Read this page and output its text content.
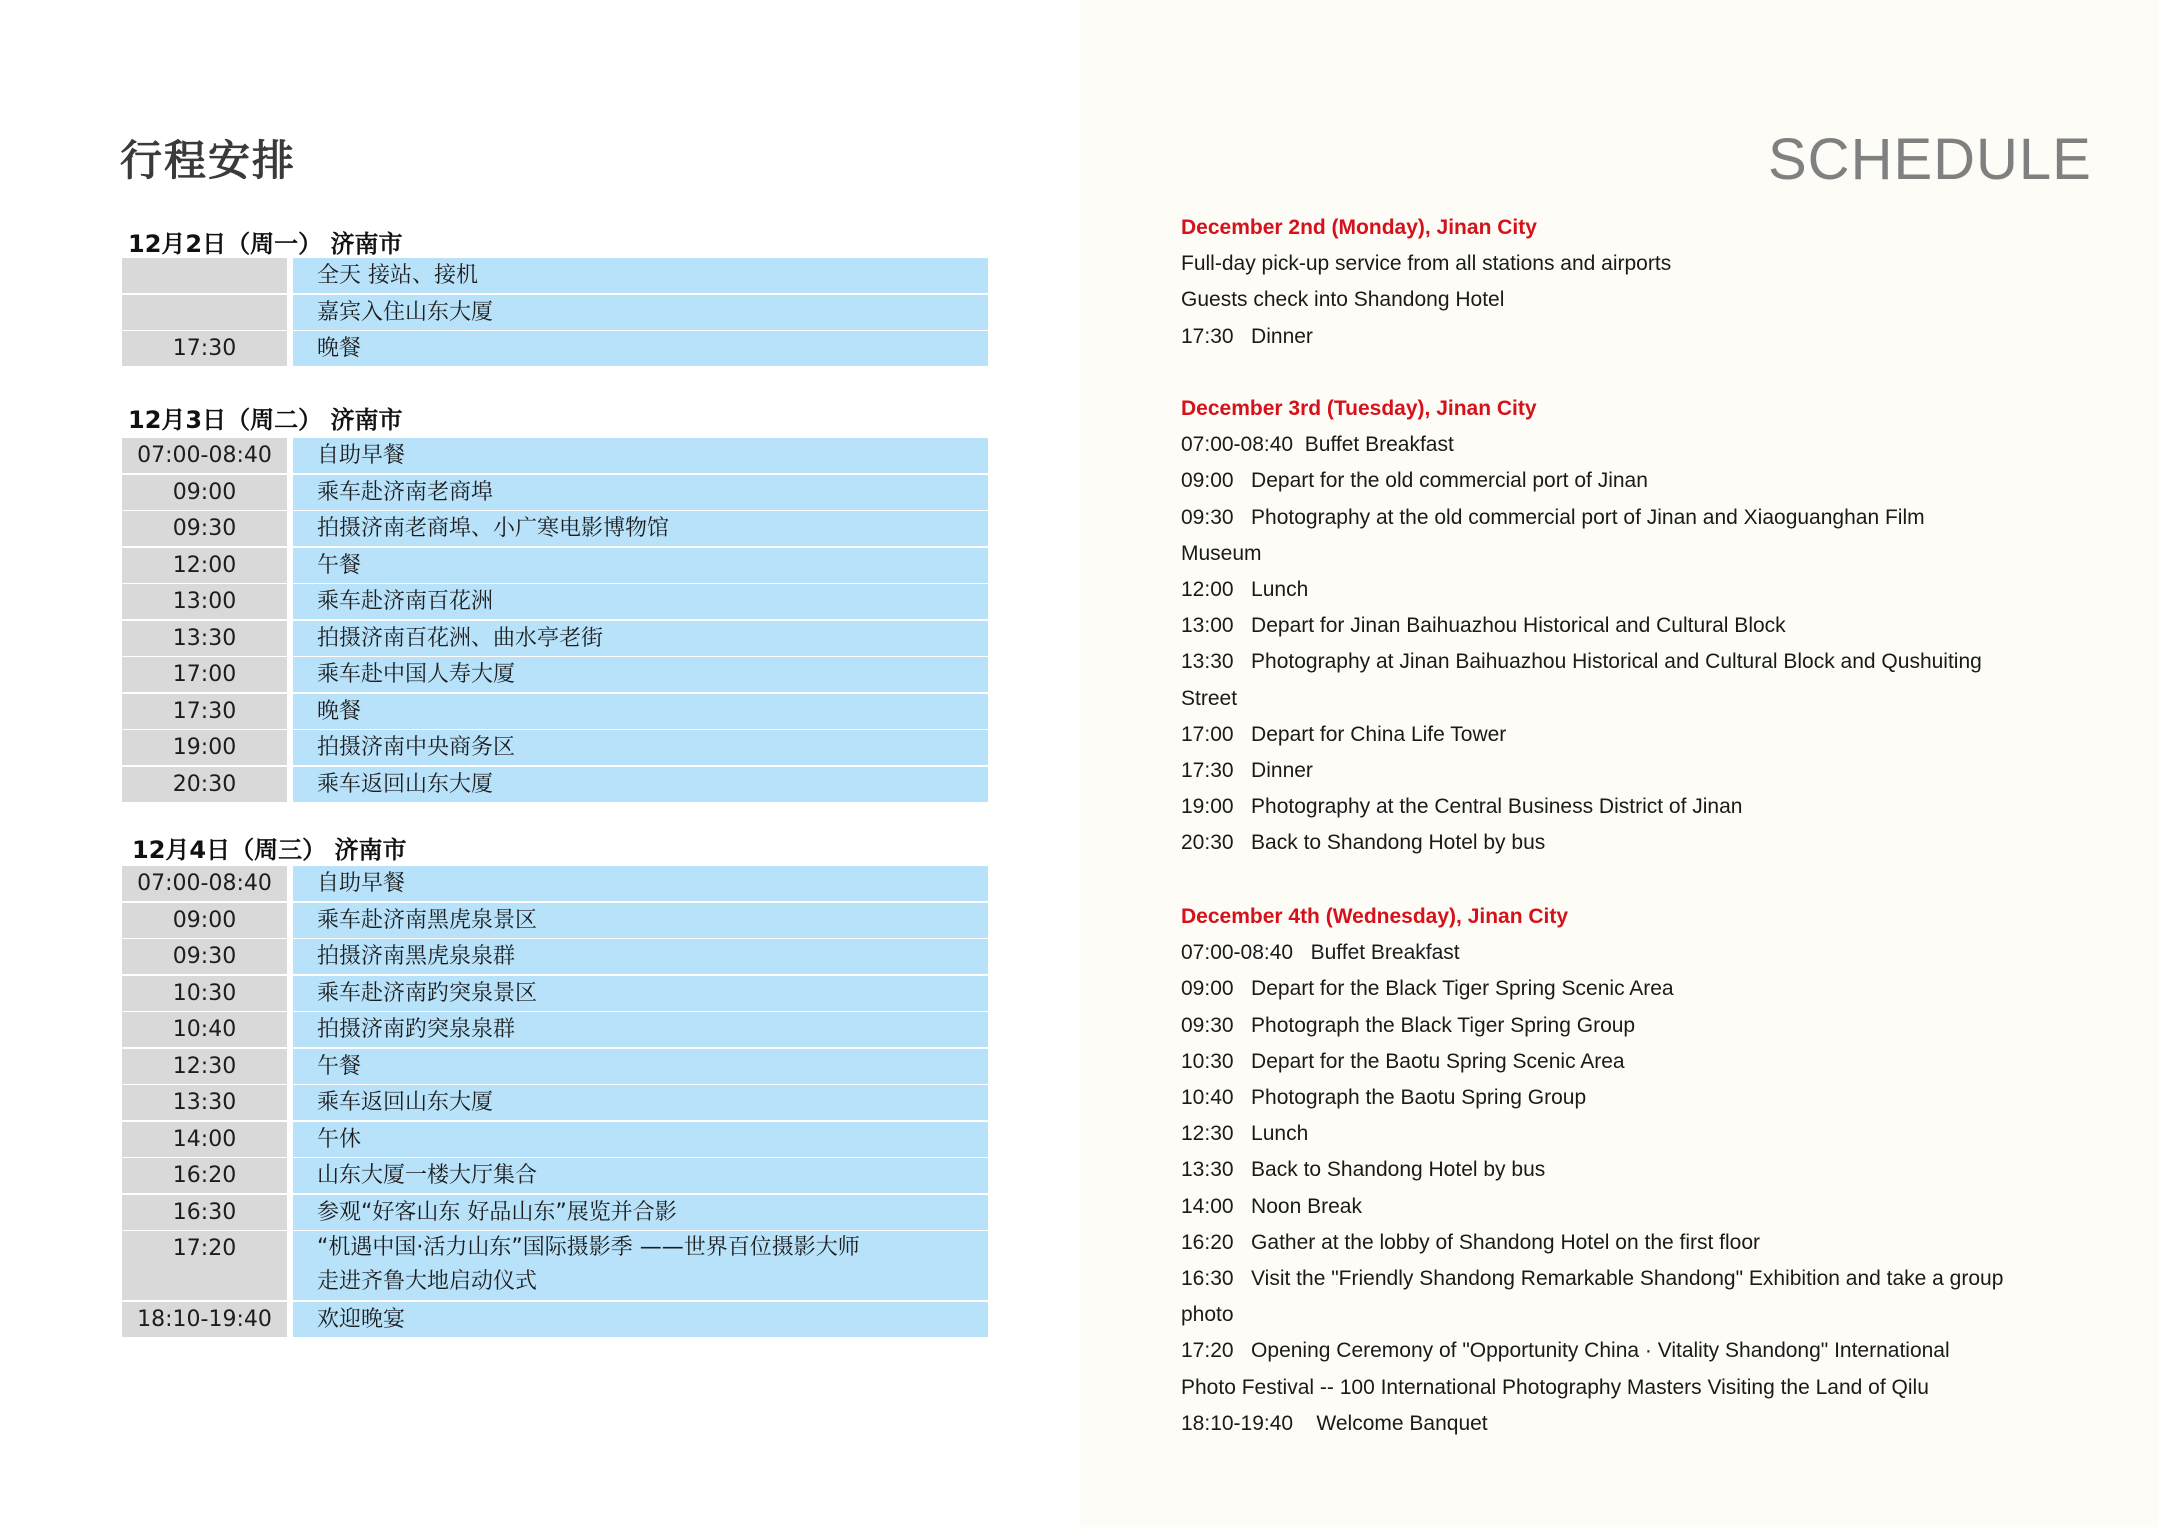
行程安排	SCHEDULE
12月2日（周一） 济南市
全天 接站、接机
嘉宾入住山东大厦
17:30	晚餐
12月3日（周二） 济南市
07:00-08:40	自助早餐
09:00	乘车赴济南老商埠
09:30	拍摄济南老商埠、小广寒电影博物馆
12:00	午餐
13:00	乘车赴济南百花洲
13:30	拍摄济南百花洲、曲水亭老街
17:00	乘车赴中国人寿大厦
17:30	晚餐
19:00	拍摄济南中央商务区
20:30	乘车返回山东大厦
12月4日（周三） 济南市
07:00-08:40	自助早餐
09:00	乘车赴济南黑虎泉景区
09:30	拍摄济南黑虎泉泉群
10:30	乘车赴济南趵突泉景区
10:40	拍摄济南趵突泉泉群
12:30	午餐
13:30	乘车返回山东大厦
14:00	午休
16:20	山东大厦一楼大厅集合
16:30	参观“好客山东 好品山东”展览并合影
17:20	“机遇中国·活力山东”国际摄影季 ——世界百位摄影大师
走进齐鲁大地启动仪式
18:10-19:40	欢迎晚宴
December 2nd (Monday), Jinan City
Full-day pick-up service from all stations and airports
Guests check into Shandong Hotel
17:30   Dinner
December 3rd (Tuesday), Jinan City
07:00-08:40  Buffet Breakfast
09:00   Depart for the old commercial port of Jinan
09:30   Photography at the old commercial port of Jinan and Xiaoguanghan Film
Museum
12:00   Lunch
13:00   Depart for Jinan Baihuazhou Historical and Cultural Block
13:30   Photography at Jinan Baihuazhou Historical and Cultural Block and Qushuiting
Street
17:00   Depart for China Life Tower
17:30   Dinner
19:00   Photography at the Central Business District of Jinan
20:30   Back to Shandong Hotel by bus
December 4th (Wednesday), Jinan City
07:00-08:40   Buffet Breakfast
09:00   Depart for the Black Tiger Spring Scenic Area
09:30   Photograph the Black Tiger Spring Group
10:30   Depart for the Baotu Spring Scenic Area
10:40   Photograph the Baotu Spring Group
12:30   Lunch
13:30   Back to Shandong Hotel by bus
14:00   Noon Break
16:20   Gather at the lobby of Shandong Hotel on the first floor
16:30   Visit the "Friendly Shandong Remarkable Shandong" Exhibition and take a group
photo
17:20   Opening Ceremony of "Opportunity China · Vitality Shandong" International
Photo Festival -- 100 International Photography Masters Visiting the Land of Qilu
18:10-19:40    Welcome Banquet
